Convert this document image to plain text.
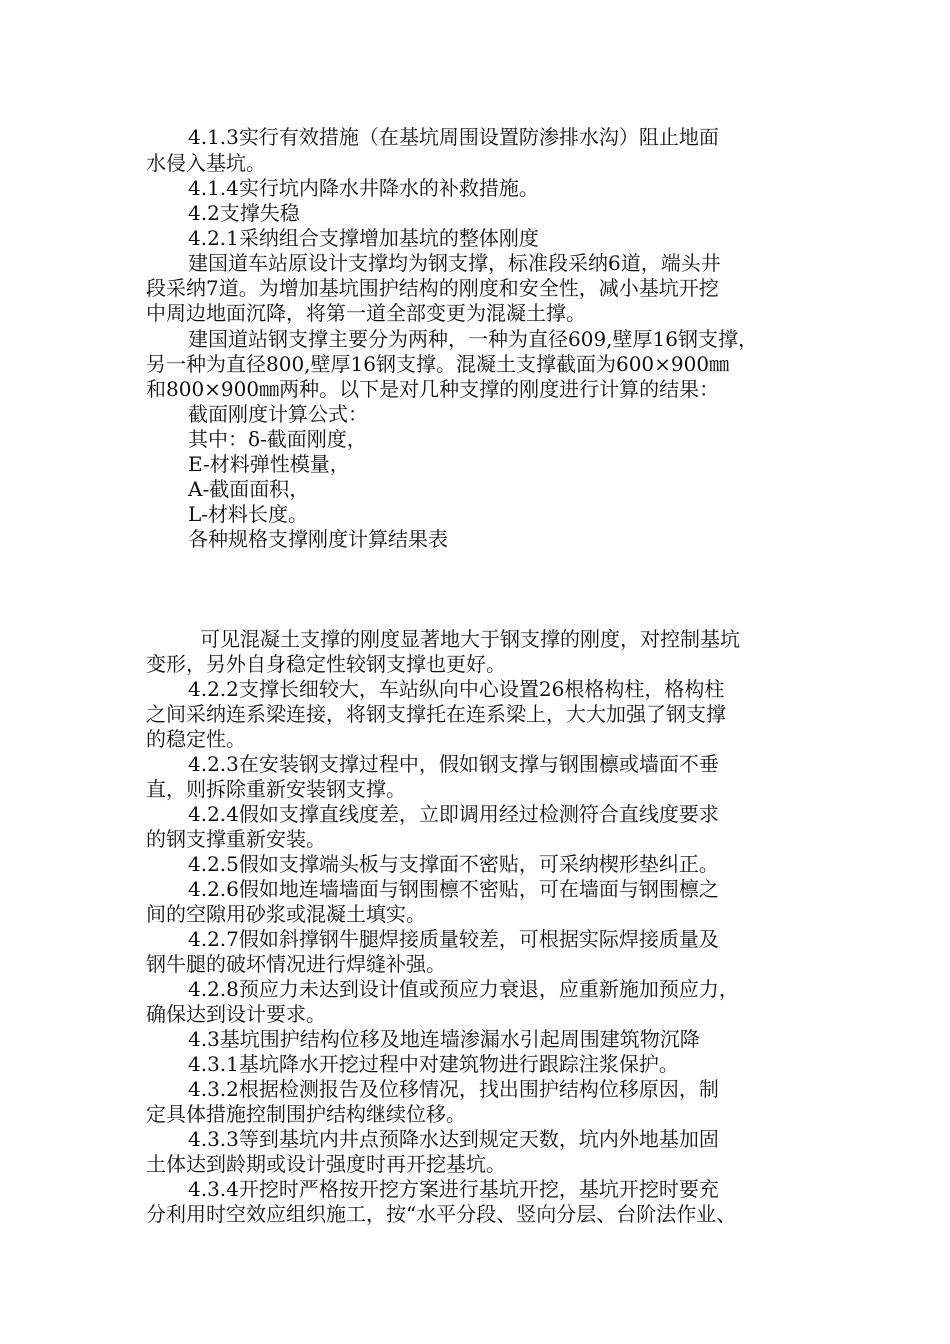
4.1.3实行有效措施（在基坑周围设置防渗排水沟）阻止地面
水侵入基坑。
4.1.4实行坑内降水井降水的补救措施。
4.2支撑失稳
4.2.1采纳组合支撑增加基坑的整体刚度
建国道车站原设计支撑均为钢支撑，标准段采纳6道，端头井
段采纳7道。为增加基坑围护结构的刚度和安全性，减小基坑开挖
中周边地面沉降，将第一道全部变更为混凝土撑。
建国道站钢支撑主要分为两种，一种为直径609,壁厚16钢支撑，
另一种为直径800,壁厚16钢支撑。混凝土支撑截面为600×900㎜
和800×900㎜两种。以下是对几种支撑的刚度进行计算的结果：
截面刚度计算公式：
其中：δ-截面刚度，
E-材料弹性模量，
A-截面面积，
L-材料长度。
各种规格支撑刚度计算结果表
可见混凝土支撑的刚度显著地大于钢支撑的刚度，对控制基坑
变形，另外自身稳定性较钢支撑也更好。
4.2.2支撑长细较大，车站纵向中心设置26根格构柱，格构柱
之间采纳连系梁连接，将钢支撑托在连系梁上，大大加强了钢支撑
的稳定性。
4.2.3在安装钢支撑过程中，假如钢支撑与钢围檩或墙面不垂
直，则拆除重新安装钢支撑。
4.2.4假如支撑直线度差，立即调用经过检测符合直线度要求
的钢支撑重新安装。
4.2.5假如支撑端头板与支撑面不密贴，可采纳楔形垫纠正。
4.2.6假如地连墙墙面与钢围檩不密贴，可在墙面与钢围檩之
间的空隙用砂浆或混凝土填实。
4.2.7假如斜撑钢牛腿焊接质量较差，可根据实际焊接质量及
钢牛腿的破坏情况进行焊缝补强。
4.2.8预应力未达到设计值或预应力衰退，应重新施加预应力，
确保达到设计要求。
4.3基坑围护结构位移及地连墙渗漏水引起周围建筑物沉降
4.3.1基坑降水开挖过程中对建筑物进行跟踪注浆保护。
4.3.2根据检测报告及位移情况，找出围护结构位移原因，制
定具体措施控制围护结构继续位移。
4.3.3等到基坑内井点预降水达到规定天数，坑内外地基加固
土体达到龄期或设计强度时再开挖基坑。
4.3.4开挖时严格按开挖方案进行基坑开挖，基坑开挖时要充
分利用时空效应组织施工，按“水平分段、竖向分层、台阶法作业、
